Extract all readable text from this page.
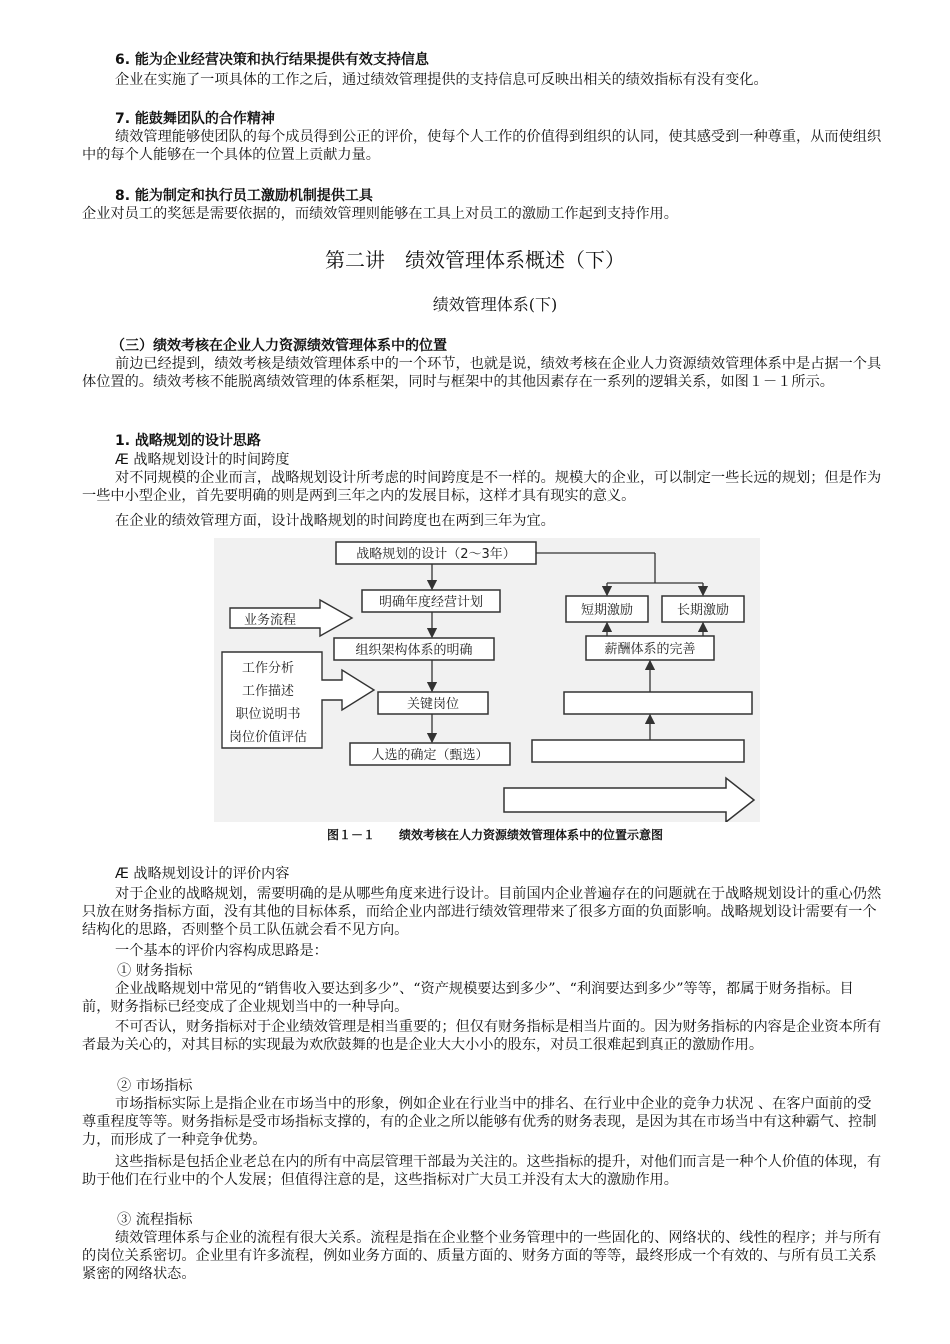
6. 能为企业经营决策和执行结果提供有效支持信息

企业在实施了一项具体的工作之后，通过绩效管理提供的支持信息可反映出相关的绩效指标有没有变化。

7. 能鼓舞团队的合作精神

绩效管理能够使团队的每个成员得到公正的评价，使每个人工作的价值得到组织的认同，使其感受到一种尊重，从而使组织中的每个人能够在一个具体的位置上贡献力量。

8. 能为制定和执行员工激励机制提供工具

企业对员工的奖惩是需要依据的，而绩效管理则能够在工具上对员工的激励工作起到支持作用。

第二讲　绩效管理体系概述（下）

绩效管理体系(下)

（三）绩效考核在企业人力资源绩效管理体系中的位置

前边已经提到，绩效考核是绩效管理体系中的一个环节，也就是说，绩效考核在企业人力资源绩效管理体系中是占据一个具体位置的。绩效考核不能脱离绩效管理的体系框架，同时与框架中的其他因素存在一系列的逻辑关系，如图１－１所示。

1. 战略规划的设计思路

Æ 战略规划设计的时间跨度

对不同规模的企业而言，战略规划设计所考虑的时间跨度是不一样的。规模大的企业，可以制定一些长远的规划；但是作为一些中小型企业，首先要明确的则是两到三年之内的发展目标，这样才具有现实的意义。

在企业的绩效管理方面，设计战略规划的时间跨度也在两到三年为宜。

战略规划的设计（2～3年）
明确年度经营计划
组织架构体系的明确
关键岗位
人选的确定（甄选）
业务流程
工作分析
工作描述
职位说明书
岗位价值评估
短期激励	长期激励
薪酬体系的完善

图１－１ 绩效考核在人力资源绩效管理体系中的位置示意图

Æ 战略规划设计的评价内容

对于企业的战略规划，需要明确的是从哪些角度来进行设计。目前国内企业普遍存在的问题就在于战略规划设计的重心仍然只放在财务指标方面，没有其他的目标体系，而给企业内部进行绩效管理带来了很多方面的负面影响。战略规划设计需要有一个结构化的思路，否则整个员工队伍就会看不见方向。

一个基本的评价内容构成思路是：

① 财务指标

企业战略规划中常见的“销售收入要达到多少”、“资产规模要达到多少”、“利润要达到多少”等等，都属于财务指标。目前，财务指标已经变成了企业规划当中的一种导向。

不可否认，财务指标对于企业绩效管理是相当重要的；但仅有财务指标是相当片面的。因为财务指标的内容是企业资本所有者最为关心的，对其目标的实现最为欢欣鼓舞的也是企业大大小小的股东，对员工很难起到真正的激励作用。

② 市场指标

市场指标实际上是指企业在市场当中的形象，例如企业在行业当中的排名、在行业中企业的竞争力状况 、在客户面前的受尊重程度等等。财务指标是受市场指标支撑的，有的企业之所以能够有优秀的财务表现，是因为其在市场当中有这种霸气、控制力，而形成了一种竞争优势。

这些指标是包括企业老总在内的所有中高层管理干部最为关注的。这些指标的提升，对他们而言是一种个人价值的体现，有助于他们在行业中的个人发展；但值得注意的是，这些指标对广大员工并没有太大的激励作用。

③ 流程指标

绩效管理体系与企业的流程有很大关系。流程是指在企业整个业务管理中的一些固化的、网络状的、线性的程序；并与所有的岗位关系密切。企业里有许多流程，例如业务方面的、质量方面的、财务方面的等等，最终形成一个有效的、与所有员工关系紧密的网络状态。
